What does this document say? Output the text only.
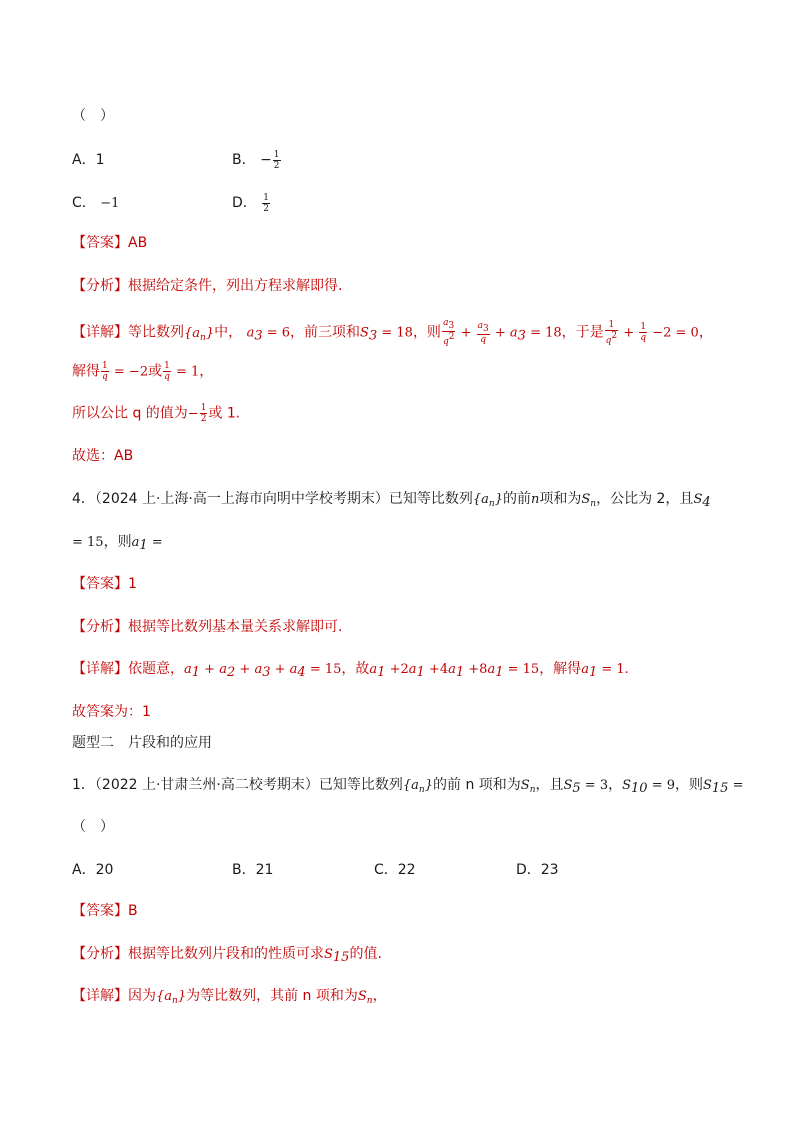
（　）
A．1	B． − $\frac{1}{2}$
C． −1	D． $\frac{1}{2}$
【答案】AB
【分析】根据给定条件，列出方程求解即得.
【详解】等比数列$\{a_n\}$中， $a_3 = 6$，前三项和$S_3 = 18$，则 $\frac{a_3}{q^2} + \frac{a_3}{q} + a_3 = 18$，于是 $\frac{1}{q^2} + \frac{1}{q} -2 = 0$，
解得 $\frac{1}{q} = -2$或 $\frac{1}{q} = 1$，
所以公比 q 的值为− $\frac{1}{2}$ 或 1.
故选：AB
4．（2024 上·上海·高一上海市向明中学校考期末）已知等比数列$\{a_n\}$的前n项和为$S_n$，公比为 2，且$S_4$
= 15，则$a_1$ =
【答案】1
【分析】根据等比数列基本量关系求解即可.
【详解】依题意，$a_1 + a_2 + a_3 + a_4 = 15$，故$a_1 +2a_1 +4a_1 +8a_1 = 15$，解得$a_1 = 1$.
故答案为：1
题型二　片段和的应用
1．（2022 上·甘肃兰州·高二校考期末）已知等比数列$\{a_n\}$的前 n 项和为$S_n$，且$S_5 = 3$，$S_{10} = 9$，则$S_{15}$ =
（　）
A．20	B．21	C．22	D．23
【答案】B
【分析】根据等比数列片段和的性质可求$S_{15}$的值.
【详解】因为$\{a_n\}$为等比数列，其前 n 项和为$S_n$，
